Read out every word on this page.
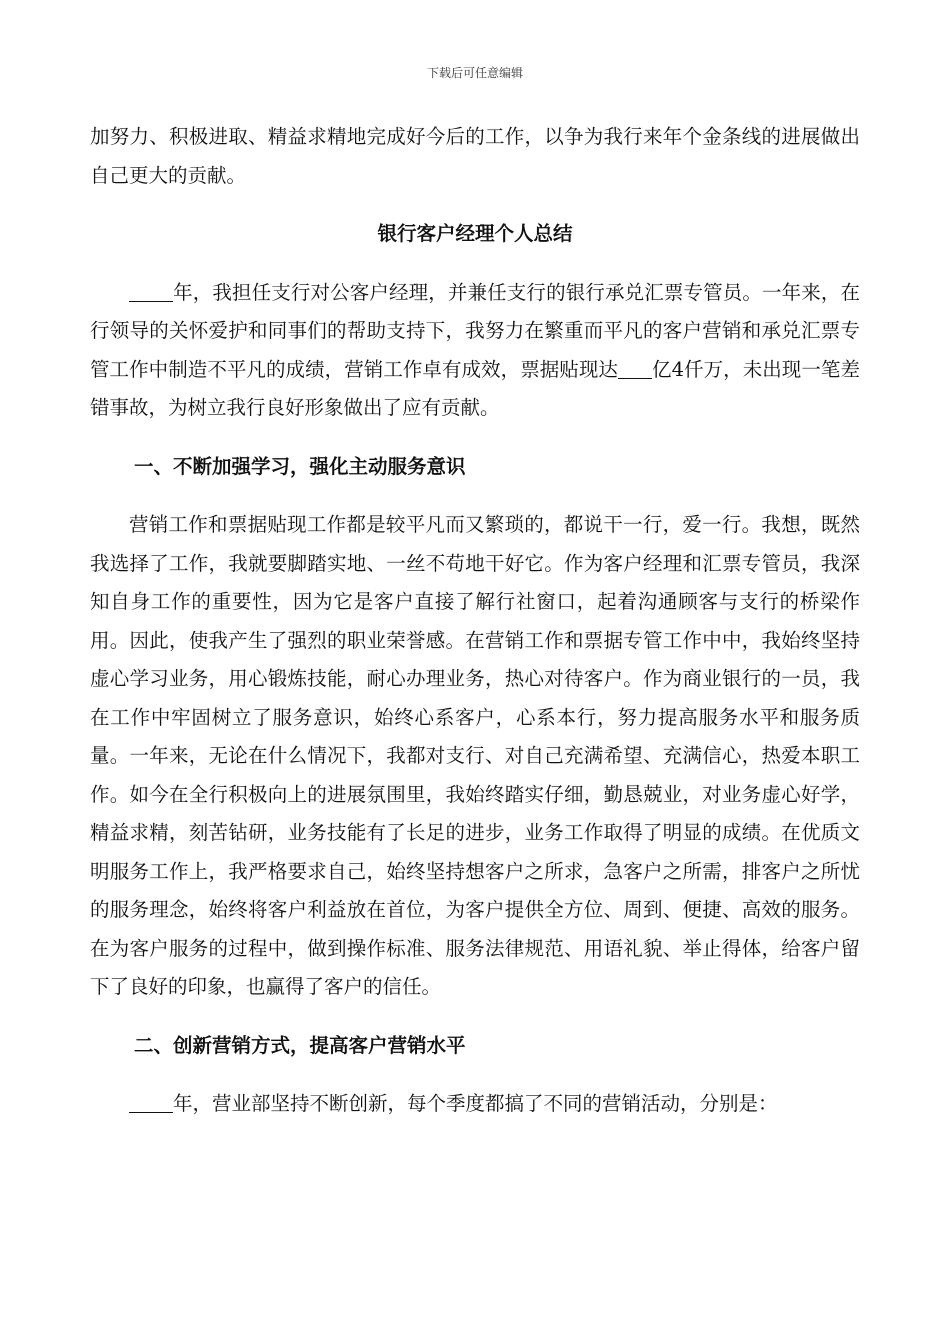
下载后可任意编辑

加努力、积极进取、精益求精地完成好今后的工作，以争为我行来年个金条线的进展做出自己更大的贡献。

银行客户经理个人总结

年，我担任支行对公客户经理，并兼任支行的银行承兑汇票专管员。一年来，在行领导的关怀爱护和同事们的帮助支持下，我努力在繁重而平凡的客户营销和承兑汇票专管工作中制造不平凡的成绩，营销工作卓有成效，票据贴现达 亿4仟万，未出现一笔差错事故，为树立我行良好形象做出了应有贡献。

一、不断加强学习，强化主动服务意识

营销工作和票据贴现工作都是较平凡而又繁琐的，都说干一行，爱一行。我想，既然我选择了工作，我就要脚踏实地、一丝不苟地干好它。作为客户经理和汇票专管员，我深知自身工作的重要性，因为它是客户直接了解行社窗口，起着沟通顾客与支行的桥梁作用。因此，使我产生了强烈的职业荣誉感。在营销工作和票据专管工作中中，我始终坚持虚心学习业务，用心锻炼技能，耐心办理业务，热心对待客户。作为商业银行的一员，我在工作中牢固树立了服务意识，始终心系客户，心系本行，努力提高服务水平和服务质量。一年来，无论在什么情况下，我都对支行、对自己充满希望、充满信心，热爱本职工作。如今在全行积极向上的进展氛围里，我始终踏实仔细，勤恳兢业，对业务虚心好学，精益求精，刻苦钻研，业务技能有了长足的进步，业务工作取得了明显的成绩。在优质文明服务工作上，我严格要求自己，始终坚持想客户之所求，急客户之所需，排客户之所忧的服务理念，始终将客户利益放在首位，为客户提供全方位、周到、便捷、高效的服务。在为客户服务的过程中，做到操作标准、服务法律规范、用语礼貌、举止得体，给客户留下了良好的印象，也赢得了客户的信任。

二、创新营销方式，提高客户营销水平

年，营业部坚持不断创新，每个季度都搞了不同的营销活动，分别是：
